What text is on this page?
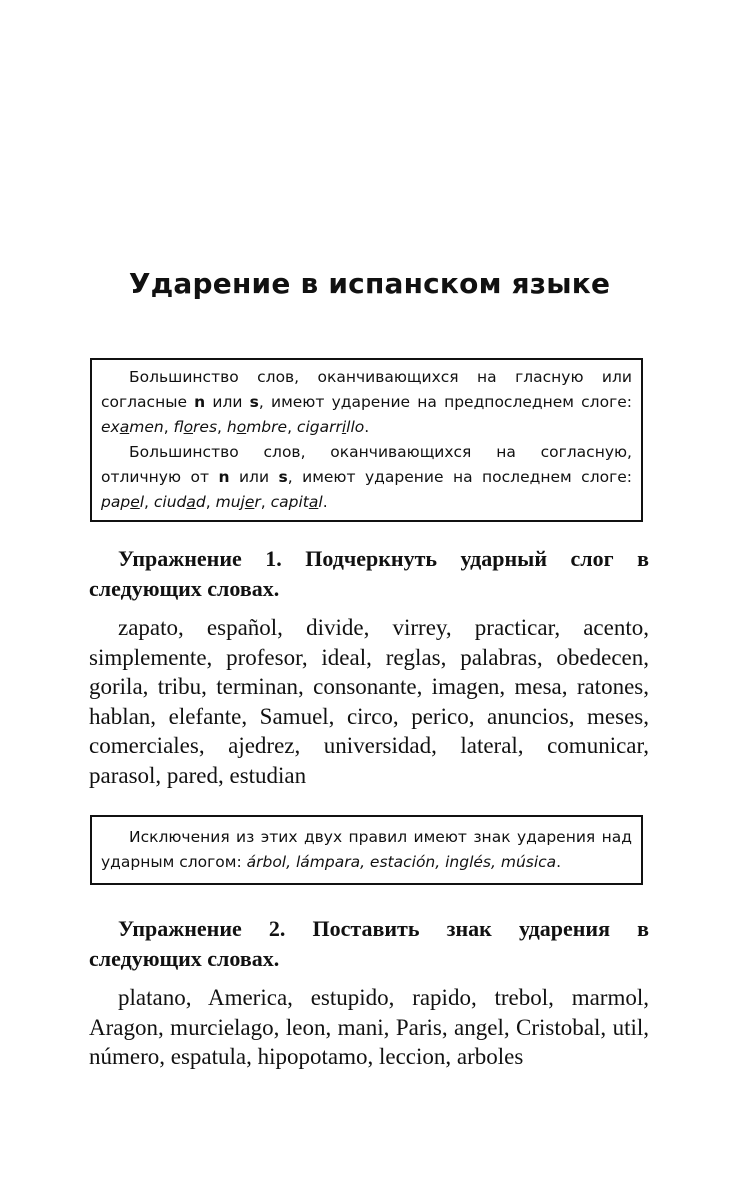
Ударение в испанском языке

Большинство слов, оканчивающихся на гласную или согласные n или s, имеют ударение на предпоследнем слоге: examen, flores, hombre, cigarrillo.

Большинство слов, оканчивающихся на согласную, отличную от n или s, имеют ударение на последнем слоге: papel, ciudad, mujer, capital.

Упражнение 1. Подчеркнуть ударный слог в следующих словах.

zapato, español, divide, virrey, practicar, acento, simplemente, profesor, ideal, reglas, palabras, obedecen, gorila, tribu, terminan, consonante, imagen, mesa, ratones, hablan, elefante, Samuel, circo, perico, anuncios, meses, comerciales, ajedrez, universidad, lateral, comunicar, parasol, pared, estudian

Исключения из этих двух правил имеют знак ударения над ударным слогом: árbol, lámpara, estación, inglés, música.

Упражнение 2. Поставить знак ударения в следующих словах.

platano, America, estupido, rapido, trebol, marmol, Aragon, murcielago, leon, mani, Paris, angel, Cristobal, util, número, espatula, hipopotamo, leccion, arboles
